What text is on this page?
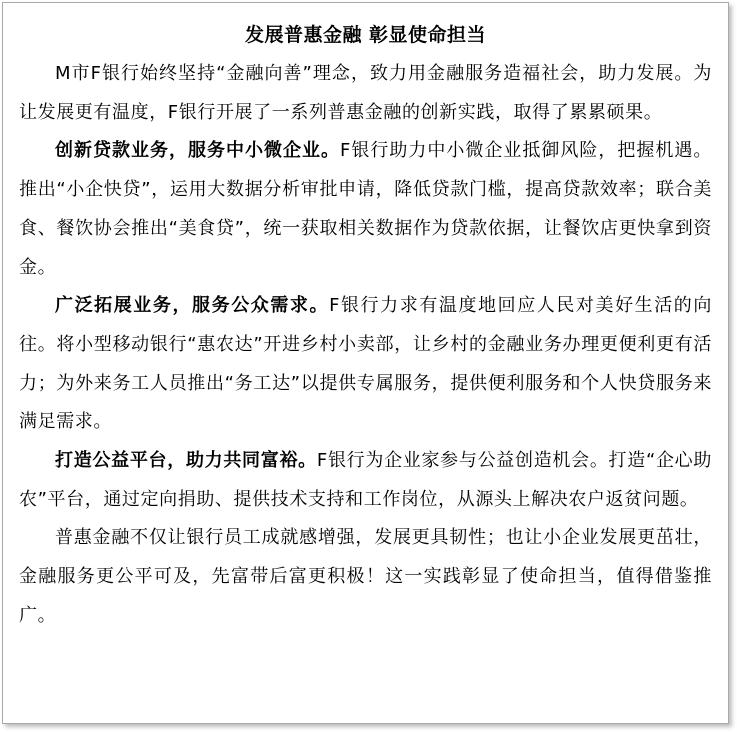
发展普惠金融 彰显使命担当

M市F银行始终坚持“金融向善”理念，致力用金融服务造福社会，助力发展。为让发展更有温度，F银行开展了一系列普惠金融的创新实践，取得了累累硕果。

创新贷款业务，服务中小微企业。F银行助力中小微企业抵御风险，把握机遇。推出“小企快贷”，运用大数据分析审批申请，降低贷款门槛，提高贷款效率；联合美食、餐饮协会推出“美食贷”，统一获取相关数据作为贷款依据，让餐饮店更快拿到资金。

广泛拓展业务，服务公众需求。F银行力求有温度地回应人民对美好生活的向往。将小型移动银行“惠农达”开进乡村小卖部，让乡村的金融业务办理更便利更有活力；为外来务工人员推出“务工达”以提供专属服务，提供便利服务和个人快贷服务来满足需求。

打造公益平台，助力共同富裕。F银行为企业家参与公益创造机会。打造“企心助农”平台，通过定向捐助、提供技术支持和工作岗位，从源头上解决农户返贫问题。

普惠金融不仅让银行员工成就感增强，发展更具韧性；也让小企业发展更茁壮，金融服务更公平可及，先富带后富更积极！这一实践彰显了使命担当，值得借鉴推广。
